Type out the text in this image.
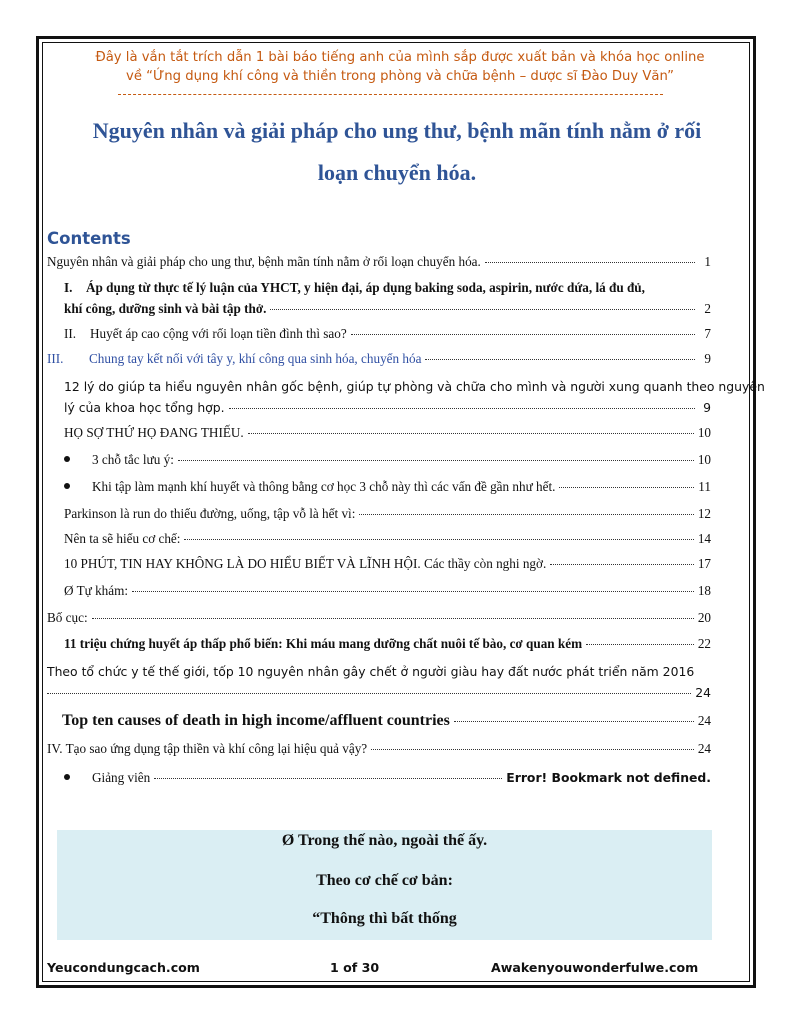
Đây là vắn tắt trích dẫn 1 bài báo tiếng anh của mình sắp được xuất bản và khóa học online
về “Ứng dụng khí công và thiền trong phòng và chữa bệnh – dược sĩ Đào Duy Văn”
Nguyên nhân và giải pháp cho ung thư, bệnh mãn tính nằm ở rối
loạn chuyển hóa.
Contents
Nguyên nhân và giải pháp cho ung thư, bệnh mãn tính nằm ở rối loạn chuyển hóa.	1
I. Áp dụng từ thực tế lý luận của YHCT, y hiện đại, áp dụng baking soda, aspirin, nước dứa, lá đu đủ,
khí công, dưỡng sinh và bài tập thở.	2
II.	Huyết áp cao cộng với rối loạn tiền đình thì sao?	7
III.	Chung tay kết nối với tây y, khí công qua sinh hóa, chuyển hóa	9
12 lý do giúp ta hiểu nguyên nhân gốc bệnh, giúp tự phòng và chữa cho mình và người xung quanh theo nguyên
lý của khoa học tổng hợp.	9
HỌ SỢ THỨ HỌ ĐANG THIẾU.	10
3 chỗ tắc lưu ý:	10
Khi tập làm mạnh khí huyết và thông bằng cơ học 3 chỗ này thì các vấn đề gần như hết.	11
Parkinson là run do thiếu đường, uống, tập vỗ là hết vì:	12
Nên ta sẽ hiểu cơ chế:	14
10 PHÚT, TIN HAY KHÔNG LÀ DO HIỂU BIẾT VÀ LĨNH HỘI. Các thầy còn nghi ngờ.	17
Ø Tự khám:	18
Bố cục:	20
11 triệu chứng huyết áp thấp phổ biến: Khi máu mang dưỡng chất nuôi tế bào, cơ quan kém	22
Theo tổ chức y tế thế giới, tốp 10 nguyên nhân gây chết ở người giàu hay đất nước phát triển năm 2016
24
Top ten causes of death in high income/affluent countries	24
IV. Tạo sao ứng dụng tập thiền và khí công lại hiệu quả vậy?	24
Giảng viên	Error! Bookmark not defined.
Ø Trong thế nào, ngoài thế ấy.
Theo cơ chế cơ bản:
“Thông thì bất thống
Yeucondungcach.com	1 of 30	Awakenyouwonderfulwe.com
